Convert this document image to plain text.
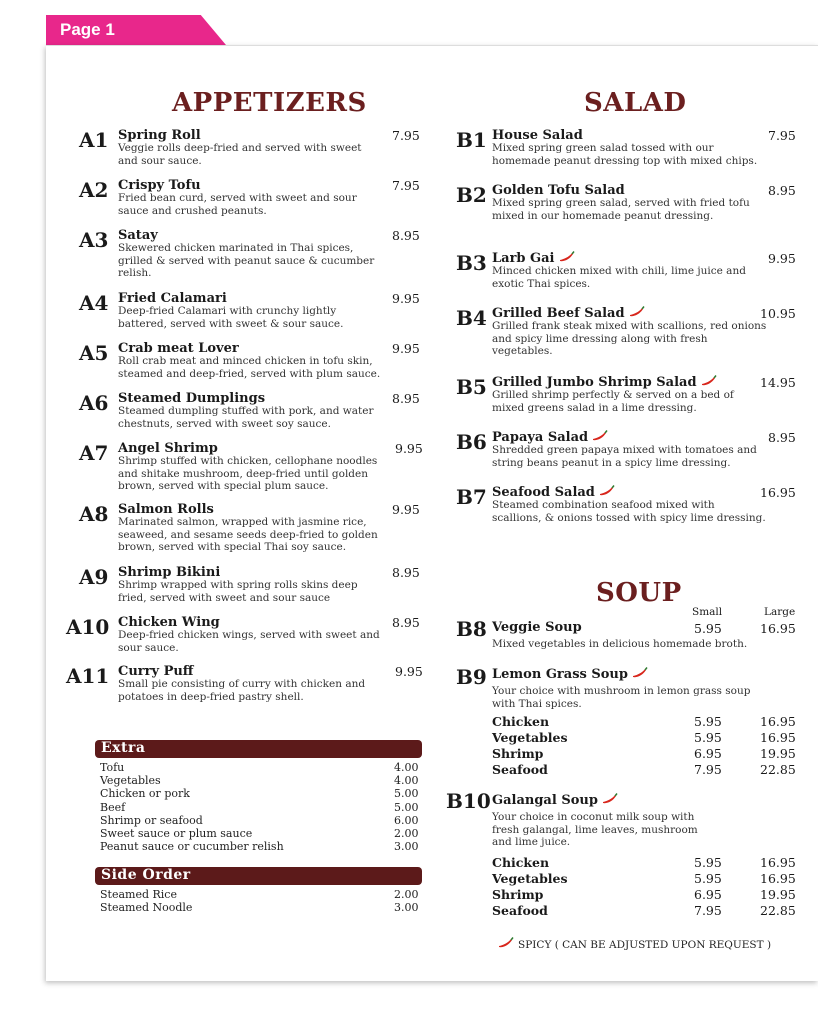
Page 1
APPETIZERS	SALAD
SOUP
A1 Spring Roll
Veggie rolls deep-fried and served with sweet and sour sauce.
7.95
A2 Crispy Tofu
Fried bean curd, served with sweet and sour sauce and crushed peanuts.
7.95
A3 Satay
Skewered chicken marinated in Thai spices, grilled & served with peanut sauce & cucumber relish.
8.95
A4 Fried Calamari
Deep-fried Calamari with crunchy lightly battered, served with sweet & sour sauce.
9.95
A5 Crab meat Lover
Roll crab meat and minced chicken in tofu skin, steamed and deep-fried, served with plum sauce.
9.95
A6 Steamed Dumplings
Steamed dumpling stuffed with pork, and water chestnuts, served with sweet soy sauce.
8.95
A7 Angel Shrimp
Shrimp stuffed with chicken, cellophane noodles and shitake mushroom, deep-fried until golden brown, served with special plum sauce.
9.95
A8 Salmon Rolls
Marinated salmon, wrapped with jasmine rice, seaweed, and sesame seeds deep-fried to golden brown, served with special Thai soy sauce.
9.95
A9 Shrimp Bikini
Shrimp wrapped with spring rolls skins deep fried, served with sweet and sour sauce
8.95
A10 Chicken Wing
Deep-fried chicken wings, served with sweet and sour sauce.
8.95
A11 Curry Puff
Small pie consisting of curry with chicken and potatoes in deep-fried pastry shell.
9.95
Extra
Tofu	4.00
Vegetables	4.00
Chicken or pork	5.00
Beef	5.00
Shrimp or seafood	6.00
Sweet sauce or plum sauce	2.00
Peanut sauce or cucumber relish	3.00
Side Order
Steamed Rice	2.00
Steamed Noodle	3.00
B1 House Salad
Mixed spring green salad tossed with our homemade peanut dressing top with mixed chips.
7.95
B2 Golden Tofu Salad
Mixed spring green salad, served with fried tofu mixed in our homemade peanut dressing.
8.95
B3 Larb Gai
Minced chicken mixed with chili, lime juice and exotic Thai spices.
9.95
B4 Grilled Beef Salad
Grilled frank steak mixed with scallions, red onions and spicy lime dressing along with fresh vegetables.
10.95
B5 Grilled Jumbo Shrimp Salad
Grilled shrimp perfectly & served on a bed of mixed greens salad in a lime dressing.
14.95
B6 Papaya Salad
Shredded green papaya mixed with tomatoes and string beans peanut in a spicy lime dressing.
8.95
B7 Seafood Salad
Steamed combination seafood mixed with scallions, & onions tossed with spicy lime dressing.
16.95
Small	Large
B8 Veggie Soup
Mixed vegetables in delicious homemade broth.
5.95	16.95
B9 Lemon Grass Soup
Your choice with mushroom in lemon grass soup with Thai spices.
Chicken	5.95	16.95
Vegetables	5.95	16.95
Shrimp	6.95	19.95
Seafood	7.95	22.85
B10 Galangal Soup
Your choice in coconut milk soup with fresh galangal, lime leaves, mushroom and lime juice.
Chicken	5.95	16.95
Vegetables	5.95	16.95
Shrimp	6.95	19.95
Seafood	7.95	22.85
SPICY ( CAN BE ADJUSTED UPON REQUEST )
